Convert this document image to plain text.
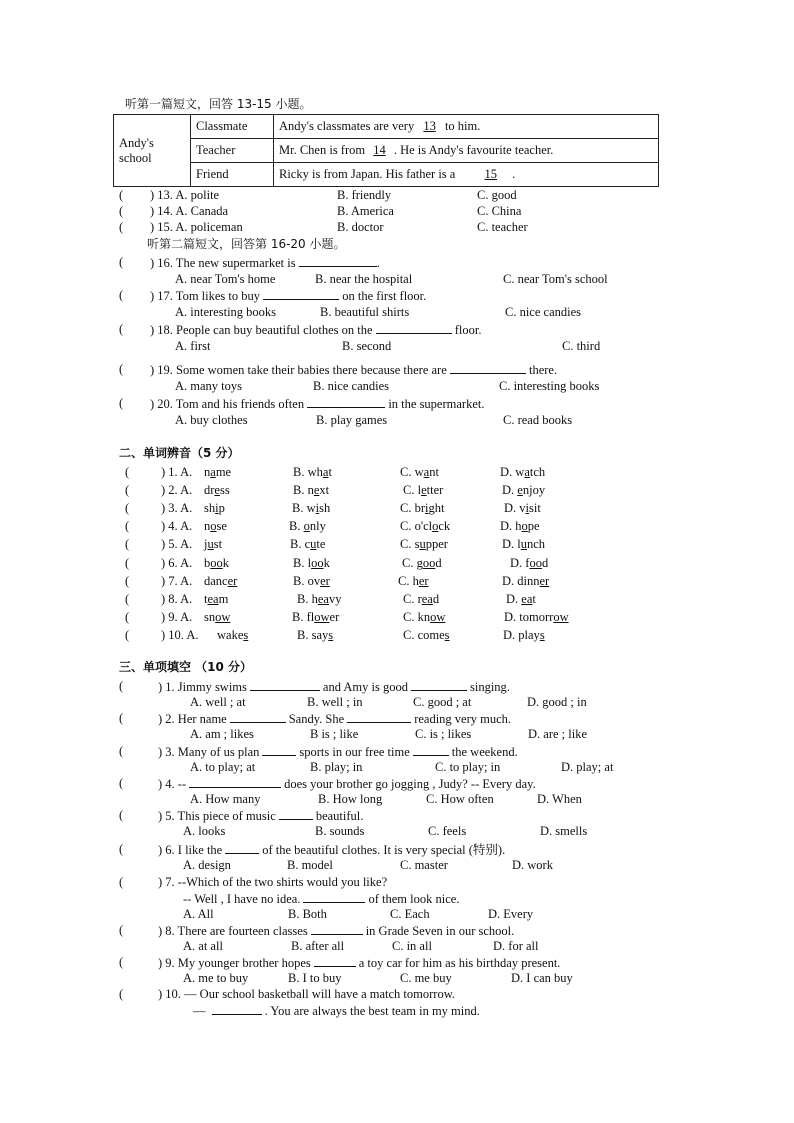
听第一篇短文，回答 13-15 小题。
Andy's school	Classmate	Andy's classmates are very 13 to him.
	Teacher	Mr. Chen is from 14 . He is Andy's favourite teacher.
	Friend	Ricky is from Japan. His father is a 15 .
( ) 13. A. polite	B. friendly	C. good
( ) 14. A. Canada	B. America	C. China
( ) 15. A. policeman	B. doctor	C. teacher
听第二篇短文，回答第 16-20 小题。
( ) 16. The new supermarket is	.
A. near Tom's home	B. near the hospital	C. near Tom's school
( ) 17. Tom likes to buy	on the first floor.
A. interesting books	B. beautiful shirts	C. nice candies
( ) 18. People can buy beautiful clothes on the	floor.
A. first	B. second	C. third
( ) 19. Some women take their babies there because there are	there.
A. many toys	B. nice candies	C. interesting books
( ) 20. Tom and his friends often	in the supermarket.
A. buy clothes	B. play games	C. read books
二、单词辨音（5 分）
(	) 1. A. name	B. what	C. want	D. watch
(	) 2. A. dress	B. next	C. letter	D. enjoy
(	) 3. A. ship	B. wish	C. bright	D. visit
(	) 4. A. nose	B. only	C. o'clock	D. hope
(	) 5. A. just	B. cute	C. supper	D. lunch
(	) 6. A. book	B. look	C. good	D. food
(	) 7. A. dancer	B. over	C. her	D. dinner
(	) 8. A. team	B. heavy	C. read	D. eat
(	) 9. A. snow	B. flower	C. know	D. tomorrow
(	) 10. A. wakes	B. says	C. comes	D. plays
三、单项填空 （10 分）
(	) 1. Jimmy swims	and Amy is good	singing.
A. well ; at	B. well ; in	C. good ; at	D. good ; in
(	) 2. Her name	Sandy. She	reading very much.
A. am ; likes	B is ; like	C. is ; likes	D. are ; like
(	) 3. Many of us plan	sports in our free time	the weekend.
A. to play; at	B. play; in	C. to play; in	D. play; at
(	) 4. --	does your brother go jogging , Judy? -- Every day.
A. How many	B. How long	C. How often	D. When
(	) 5. This piece of music	beautiful.
A. looks	B. sounds	C. feels	D. smells
(	) 6. I like the	of the beautiful clothes. It is very special (特别).
A. design	B. model	C. master	D. work
(	) 7. --Which of the two shirts would you like?
-- Well , I have no idea.	of them look nice.
A. All	B. Both	C. Each	D. Every
(	) 8. There are fourteen classes	in Grade Seven in our school.
A. at all	B. after all	C. in all	D. for all
(	) 9. My younger brother hopes	a toy car for him as his birthday present.
A. me to buy	B. I to buy	C. me buy	D. I can buy
(	) 10. — Our school basketball will have a match tomorrow.
—	. You are always the best team in my mind.
